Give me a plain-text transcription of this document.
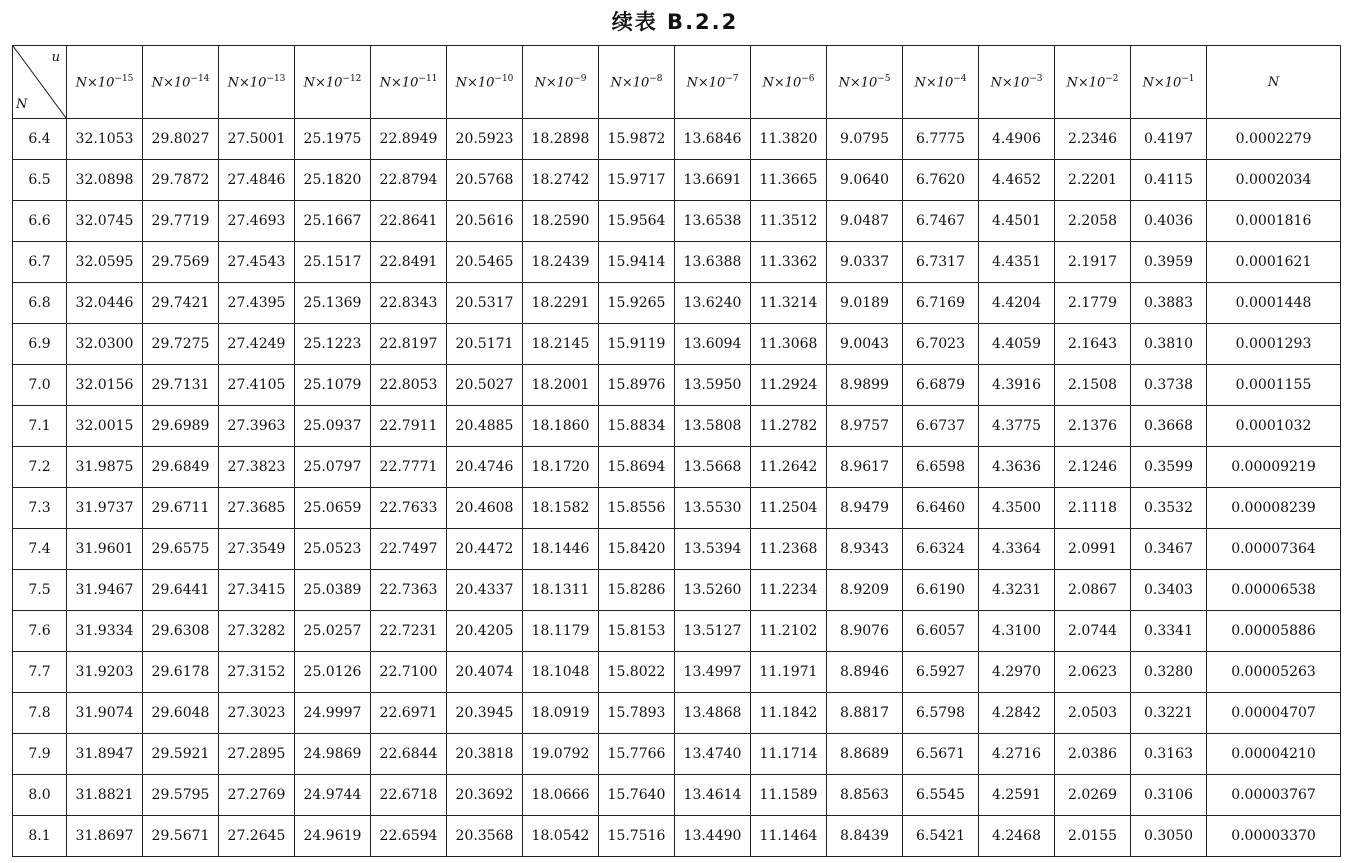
续表 B.2.2
u
N	$N\times 10^{-15}$	$N\times 10^{-14}$	$N\times 10^{-13}$	$N\times 10^{-12}$	$N\times 10^{-11}$	$N\times 10^{-10}$	$N\times 10^{-9}$	$N\times 10^{-8}$	$N\times 10^{-7}$	$N\times 10^{-6}$	$N\times 10^{-5}$	$N\times 10^{-4}$	$N\times 10^{-3}$	$N\times 10^{-2}$	$N\times 10^{-1}$	N
6.4	32.1053	29.8027	27.5001	25.1975	22.8949	20.5923	18.2898	15.9872	13.6846	11.3820	9.0795	6.7775	4.4906	2.2346	0.4197	0.0002279
6.5	32.0898	29.7872	27.4846	25.1820	22.8794	20.5768	18.2742	15.9717	13.6691	11.3665	9.0640	6.7620	4.4652	2.2201	0.4115	0.0002034
6.6	32.0745	29.7719	27.4693	25.1667	22.8641	20.5616	18.2590	15.9564	13.6538	11.3512	9.0487	6.7467	4.4501	2.2058	0.4036	0.0001816
6.7	32.0595	29.7569	27.4543	25.1517	22.8491	20.5465	18.2439	15.9414	13.6388	11.3362	9.0337	6.7317	4.4351	2.1917	0.3959	0.0001621
6.8	32.0446	29.7421	27.4395	25.1369	22.8343	20.5317	18.2291	15.9265	13.6240	11.3214	9.0189	6.7169	4.4204	2.1779	0.3883	0.0001448
6.9	32.0300	29.7275	27.4249	25.1223	22.8197	20.5171	18.2145	15.9119	13.6094	11.3068	9.0043	6.7023	4.4059	2.1643	0.3810	0.0001293
7.0	32.0156	29.7131	27.4105	25.1079	22.8053	20.5027	18.2001	15.8976	13.5950	11.2924	8.9899	6.6879	4.3916	2.1508	0.3738	0.0001155
7.1	32.0015	29.6989	27.3963	25.0937	22.7911	20.4885	18.1860	15.8834	13.5808	11.2782	8.9757	6.6737	4.3775	2.1376	0.3668	0.0001032
7.2	31.9875	29.6849	27.3823	25.0797	22.7771	20.4746	18.1720	15.8694	13.5668	11.2642	8.9617	6.6598	4.3636	2.1246	0.3599	0.00009219
7.3	31.9737	29.6711	27.3685	25.0659	22.7633	20.4608	18.1582	15.8556	13.5530	11.2504	8.9479	6.6460	4.3500	2.1118	0.3532	0.00008239
7.4	31.9601	29.6575	27.3549	25.0523	22.7497	20.4472	18.1446	15.8420	13.5394	11.2368	8.9343	6.6324	4.3364	2.0991	0.3467	0.00007364
7.5	31.9467	29.6441	27.3415	25.0389	22.7363	20.4337	18.1311	15.8286	13.5260	11.2234	8.9209	6.6190	4.3231	2.0867	0.3403	0.00006538
7.6	31.9334	29.6308	27.3282	25.0257	22.7231	20.4205	18.1179	15.8153	13.5127	11.2102	8.9076	6.6057	4.3100	2.0744	0.3341	0.00005886
7.7	31.9203	29.6178	27.3152	25.0126	22.7100	20.4074	18.1048	15.8022	13.4997	11.1971	8.8946	6.5927	4.2970	2.0623	0.3280	0.00005263
7.8	31.9074	29.6048	27.3023	24.9997	22.6971	20.3945	18.0919	15.7893	13.4868	11.1842	8.8817	6.5798	4.2842	2.0503	0.3221	0.00004707
7.9	31.8947	29.5921	27.2895	24.9869	22.6844	20.3818	19.0792	15.7766	13.4740	11.1714	8.8689	6.5671	4.2716	2.0386	0.3163	0.00004210
8.0	31.8821	29.5795	27.2769	24.9744	22.6718	20.3692	18.0666	15.7640	13.4614	11.1589	8.8563	6.5545	4.2591	2.0269	0.3106	0.00003767
8.1	31.8697	29.5671	27.2645	24.9619	22.6594	20.3568	18.0542	15.7516	13.4490	11.1464	8.8439	6.5421	4.2468	2.0155	0.3050	0.00003370
